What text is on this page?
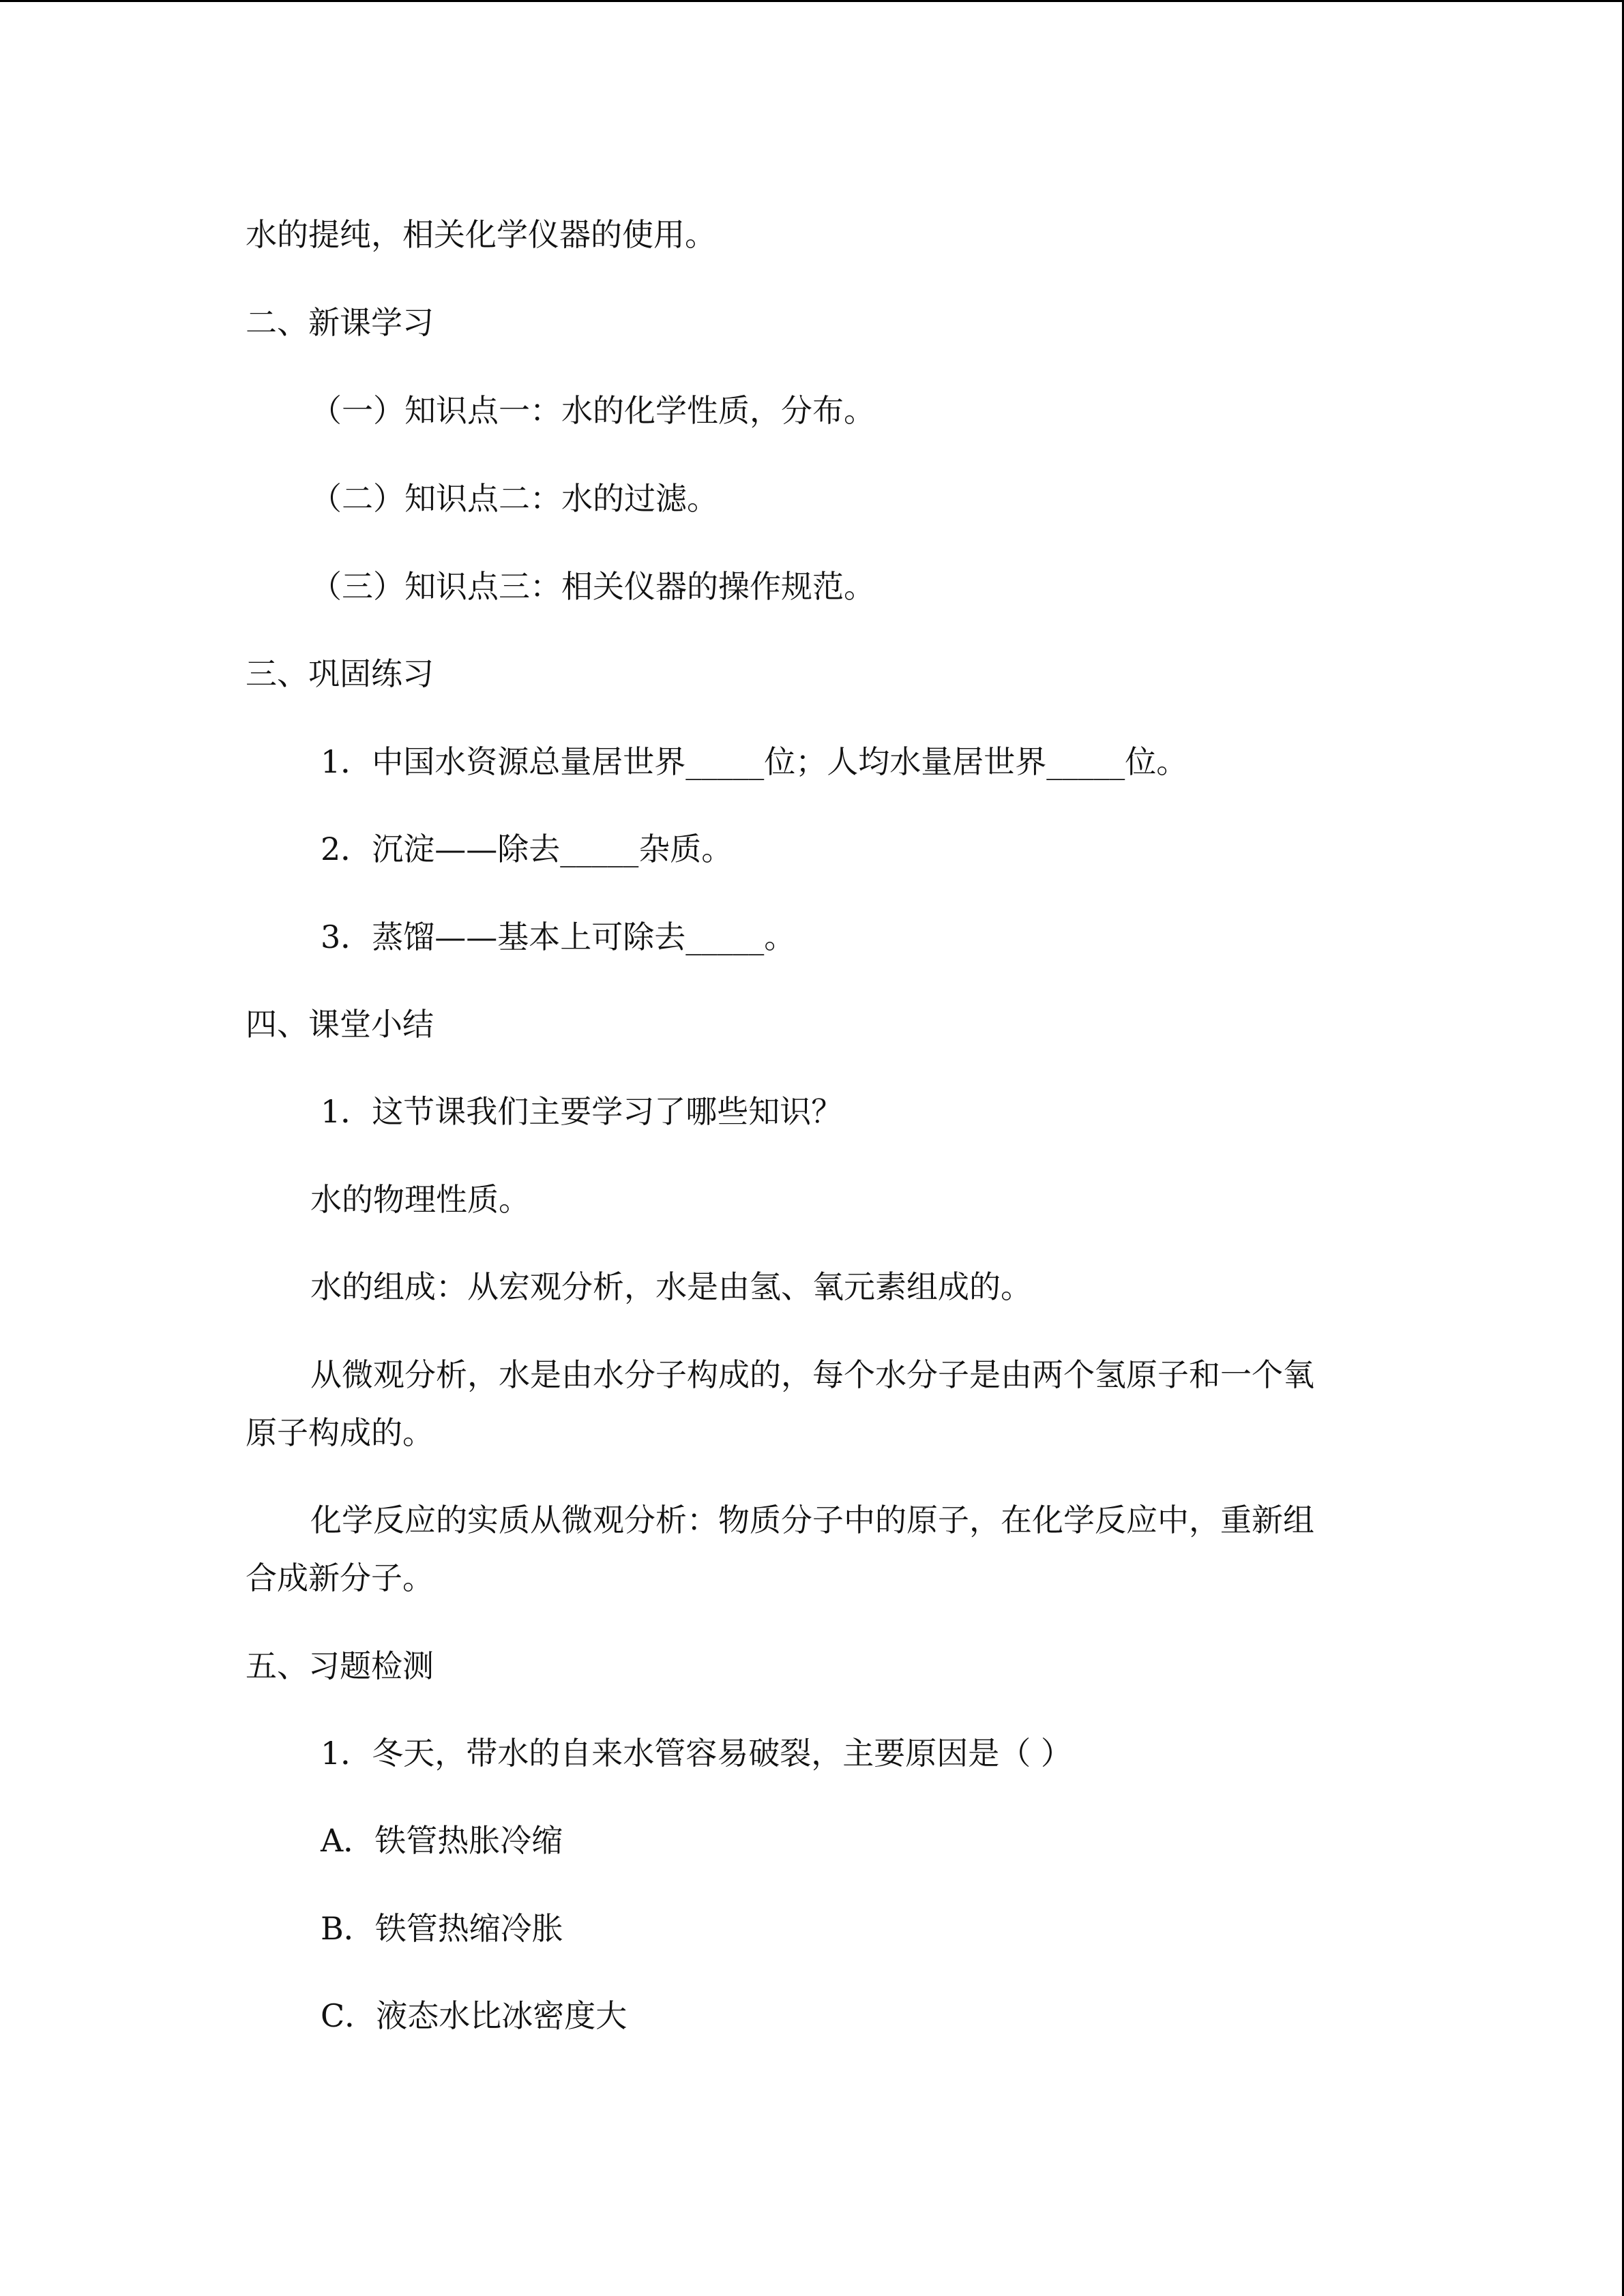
水的提纯，相关化学仪器的使用。
二、新课学习
（一）知识点一：水的化学性质，分布。
（二）知识点二：水的过滤。
（三）知识点三：相关仪器的操作规范。
三、巩固练习
1．中国水资源总量居世界_____位；人均水量居世界_____位。
2．沉淀——除去_____杂质。
3．蒸馏——基本上可除去_____。
四、课堂小结
1．这节课我们主要学习了哪些知识？
水的物理性质。
水的组成：从宏观分析，水是由氢、氧元素组成的。
从微观分析，水是由水分子构成的，每个水分子是由两个氢原子和一个氧
原子构成的。
化学反应的实质从微观分析：物质分子中的原子，在化学反应中，重新组
合成新分子。
五、习题检测
1．冬天，带水的自来水管容易破裂，主要原因是（ ）
A．铁管热胀冷缩
B．铁管热缩冷胀
C．液态水比冰密度大
